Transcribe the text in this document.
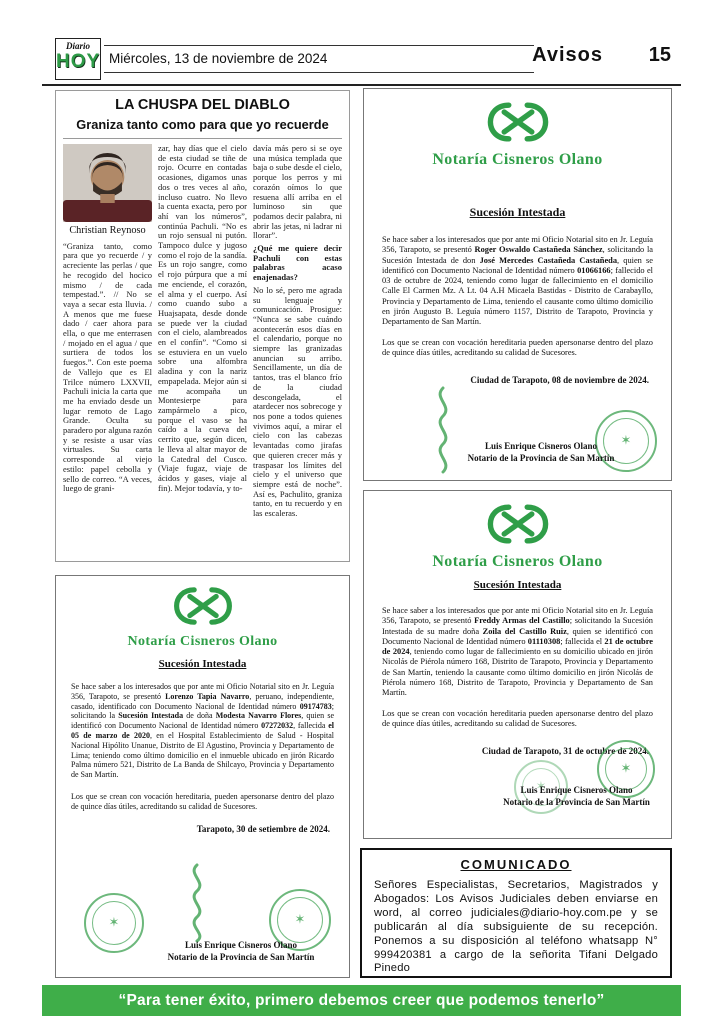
Diario
HOY Miércoles, 13 de noviembre de 2024	Avisos 15
LA CHUSPA DEL DIABLO
Graniza tanto como para que yo recuerde
Christian Reynoso

“Graniza tanto, como para que yo recuerde / y acreciente las perlas / que he recogido del hocico mismo / de cada tempestad.”. // No se vaya a secar esta lluvia. / A menos que me fuese dado / caer ahora para ella, o que me enterrasen / mojado en el agua / que surtiera de todos los fuegos.”. Con este poema de Vallejo que es El Trilce número LXXVII, Pachuli inicia la carta que me ha enviado desde un lugar remoto de Lago Grande. Oculta su paradero por alguna razón y se resiste a usar vías virtuales. Su carta corresponde al viejo estilo: papel cebolla y sello de correo. “A veces, luego de grani-

zar, hay días que el cielo de esta ciudad se tiñe de rojo. Ocurre en contadas ocasiones, digamos unas dos o tres veces al año, incluso cuatro. No llevo la cuenta exacta, pero por ahí van los números”, continúa Pachuli. “No es un rojo sensual ni putón. Tampoco dulce y jugoso como el rojo de la sandía. Es un rojo sangre, como el rojo púrpura que a mí me enciende, el corazón, el alma y el cuerpo. Así como cuando subo a Huajsapata, desde donde se puede ver la ciudad con el cielo, alambreados en el confín”. “Como si se estuviera en un vuelo sobre una alfombra aladina y con la nariz empapelada. Mejor aún si me acompaña un Montesierpe para zampármelo a pico, porque el vaso se ha caído a la cueva del cerrito que, según dicen, le lleva al altar mayor de la Catedral del Cusco. (Viaje fugaz, viaje de ácidos y gases, viaje al fin). Mejor todavía, y to-

davía más pero si se oye una música templada que baja o sube desde el cielo, porque los perros y mi corazón oímos lo que resuena allí arriba en el luminoso sin que podamos decir palabra, ni abrir las jetas, ni ladrar ni llorar”.

¿Qué me quiere decir Pachuli con estas palabras acaso enajenadas?

No lo sé, pero me agrada su lenguaje y comunicación. Prosigue: “Nunca se sabe cuándo acontecerán esos días en el calendario, porque no siempre las granizadas anuncian su arribo. Sencillamente, un día de tantos, tras el blanco frío de la ciudad descongelada, el atardecer nos sobrecoge y nos pone a todos quienes vivimos aquí, a mirar el cielo con las cabezas levantadas como jirafas que quieren crecer más y traspasar los límites del cielo y el universo que siempre está de noche”. Así es, Pachulito, graniza tanto, en tu recuerdo y en las escaleras.

Notaría Cisneros Olano
Sucesión Intestada

Se hace saber a los interesados que por ante mi Oficio Notarial sito en Jr. Leguía 356, Tarapoto, se presentó Roger Oswaldo Castañeda Sánchez, solicitando la Sucesión Intestada de don José Mercedes Castañeda Castañeda, quien se identificó con Documento Nacional de Identidad número 01066166; fallecido el 03 de octubre de 2024, teniendo como lugar de fallecimiento en el domicilio Calle El Carmen Mz. A Lt. 04 A.H Micaela Bastidas - Distrito de Carabayllo, Provincia y Departamento de Lima, teniendo el causante como último domicilio en jirón Augusto B. Leguía número 1157, Distrito de Tarapoto, Provincia y Departamento de San Martín.

Los que se crean con vocación hereditaria pueden apersonarse dentro del plazo de quince días útiles, acreditando su calidad de Sucesores.

Ciudad de Tarapoto, 08 de noviembre de 2024.

✶
Luis Enrique Cisneros Olano
Notario de la Provincia de San Martín
Notaría Cisneros Olano
Sucesión Intestada

Se hace saber a los interesados que por ante mi Oficio Notarial sito en Jr. Leguía 356, Tarapoto, se presentó Freddy Armas del Castillo; solicitando la Sucesión Intestada de su madre doña Zoila del Castillo Ruiz, quien se identificó con Documento Nacional de Identidad número 01110308; fallecida el 21 de octubre de 2024, teniendo como lugar de fallecimiento en su domicilio ubicado en jirón Nicolás de Piérola número 168, Distrito de Tarapoto, Provincia y Departamento de San Martín, teniendo la causante como último domicilio en jirón Nicolás de Piérola número 168, Distrito de Tarapoto, Provincia y Departamento de San Martín.

Los que se crean con vocación hereditaria pueden apersonarse dentro del plazo de quince días útiles, acreditando su calidad de Sucesores.

Ciudad de Tarapoto, 31 de octubre de 2024.

✶
✶
Luis Enrique Cisneros Olano
Notario de la Provincia de San Martín
Notaría Cisneros Olano
Sucesión Intestada

Se hace saber a los interesados que por ante mi Oficio Notarial sito en Jr. Leguía 356, Tarapoto, se presentó Lorenzo Tapia Navarro, peruano, independiente, casado, identificado con Documento Nacional de Identidad número 09174783; solicitando la Sucesión Intestada de doña Modesta Navarro Flores, quien se identificó con Documento Nacional de Identidad número 07272032, fallecida el 05 de marzo de 2020, en el Hospital Establecimiento de Salud - Hospital Nacional Hipólito Unanue, Distrito de El Agustino, Provincia y Departamento de Lima; teniendo como último domicilio en el inmueble ubicado en jirón Ricardo Palma número 521, Distrito de La Banda de Shilcayo, Provincia y Departamento de San Martín.

Los que se crean con vocación hereditaria, pueden apersonarse dentro del plazo de quince días útiles, acreditando su calidad de Sucesores.

Tarapoto, 30 de setiembre de 2024.

✶
✶
Luis Enrique Cisneros Olano
Notario de la Provincia de San Martín
COMUNICADO

Señores Especialistas, Secretarios, Magistrados y Abogados: Los Avisos Judiciales deben enviarse en word, al correo judiciales@diario-hoy.com.pe y se publicarán al día subsiguiente de su recepción. Ponemos a su disposición al teléfono whatsapp N° 999420381 a cargo de la señorita Tifani Delgado Pinedo

“Para tener éxito, primero debemos creer que podemos tenerlo”
